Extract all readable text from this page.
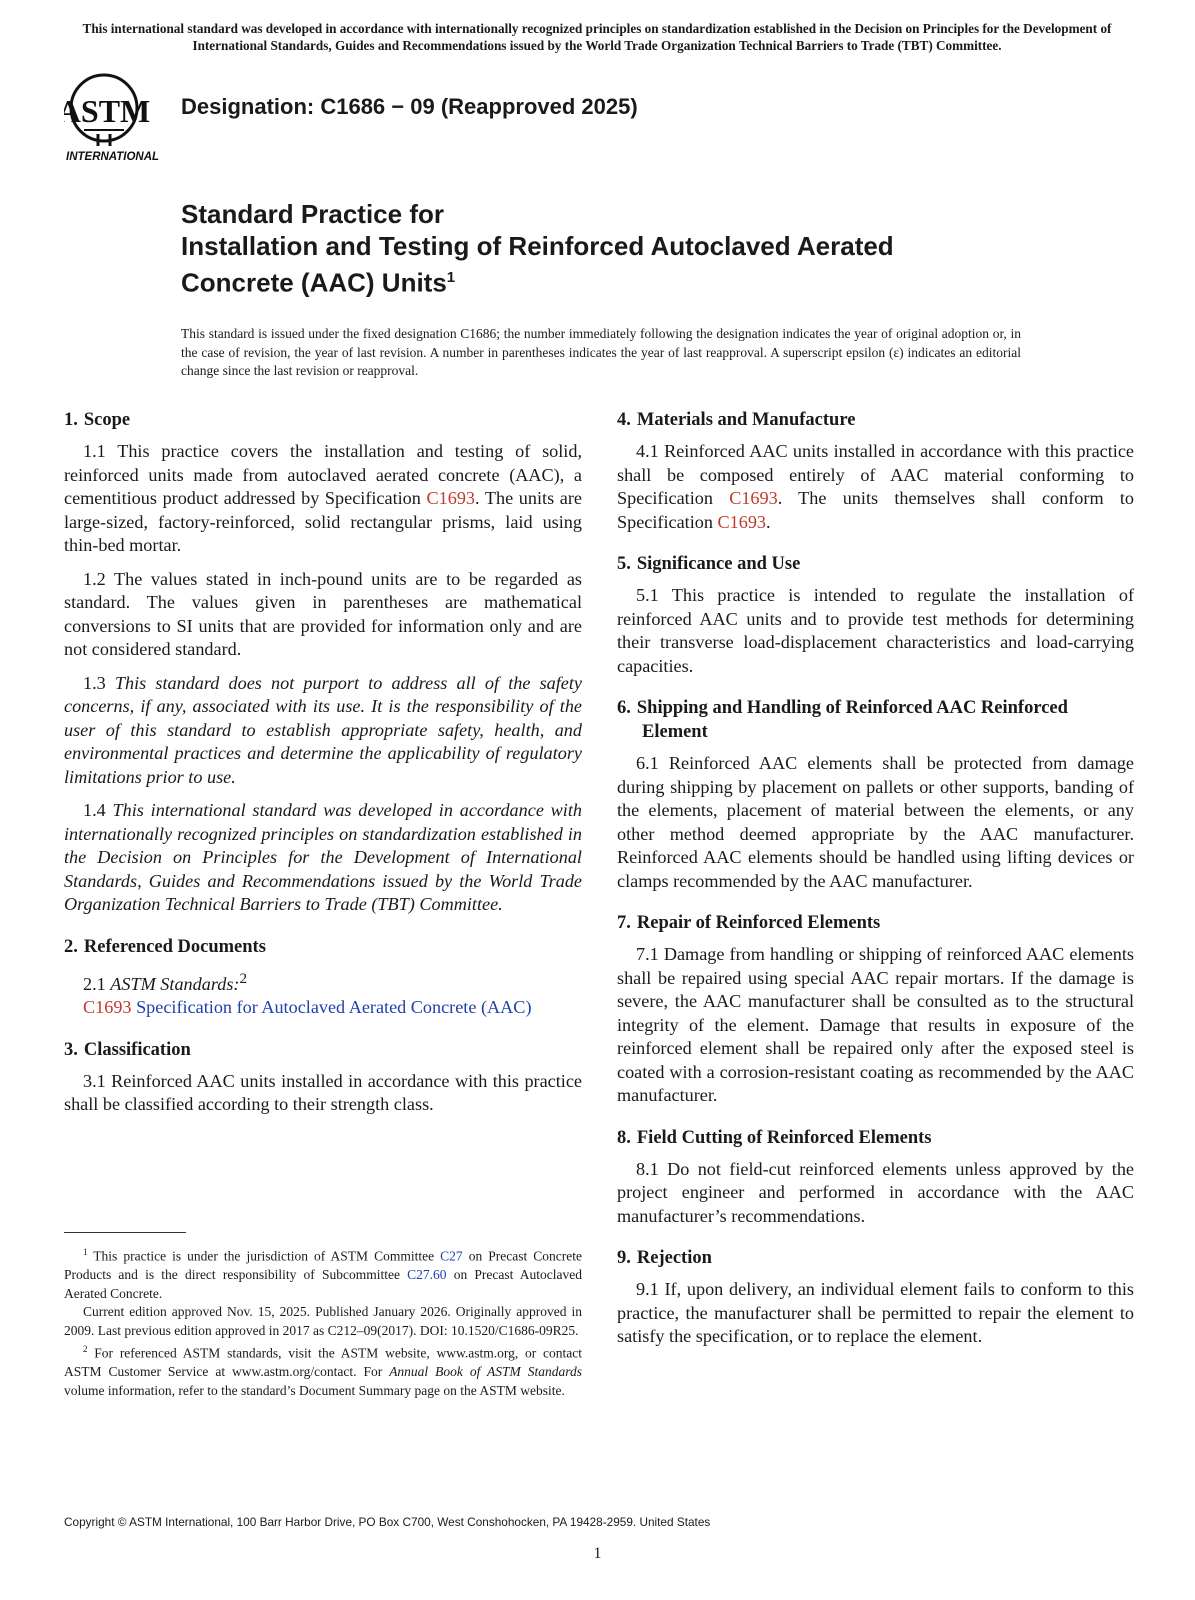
This international standard was developed in accordance with internationally recognized principles on standardization established in the Decision on Principles for the Development of International Standards, Guides and Recommendations issued by the World Trade Organization Technical Barriers to Trade (TBT) Committee.
ASTM
INTERNATIONAL
Designation: C1686 − 09 (Reapproved 2025)
Standard Practice for
Installation and Testing of Reinforced Autoclaved Aerated
Concrete (AAC) Units$^1$
This standard is issued under the fixed designation C1686; the number immediately following the designation indicates the year of original adoption or, in the case of revision, the year of last revision. A number in parentheses indicates the year of last reapproval. A superscript epsilon (ε) indicates an editorial change since the last revision or reapproval.
1. Scope

1.1 This practice covers the installation and testing of solid, reinforced units made from autoclaved aerated concrete (AAC), a cementitious product addressed by Specification C1693. The units are large-sized, factory-reinforced, solid rectangular prisms, laid using thin-bed mortar.

1.2 The values stated in inch-pound units are to be regarded as standard. The values given in parentheses are mathematical conversions to SI units that are provided for information only and are not considered standard.

1.3 This standard does not purport to address all of the safety concerns, if any, associated with its use. It is the responsibility of the user of this standard to establish appropriate safety, health, and environmental practices and determine the applicability of regulatory limitations prior to use.

1.4 This international standard was developed in accordance with internationally recognized principles on standardization established in the Decision on Principles for the Development of International Standards, Guides and Recommendations issued by the World Trade Organization Technical Barriers to Trade (TBT) Committee.

2. Referenced Documents
2.1 ASTM Standards:$^2$
C1693 Specification for Autoclaved Aerated Concrete (AAC)
3. Classification

3.1 Reinforced AAC units installed in accordance with this practice shall be classified according to their strength class.

4. Materials and Manufacture

4.1 Reinforced AAC units installed in accordance with this practice shall be composed entirely of AAC material conforming to Specification C1693. The units themselves shall conform to Specification C1693.

5. Significance and Use

5.1 This practice is intended to regulate the installation of reinforced AAC units and to provide test methods for determining their transverse load-displacement characteristics and load-carrying capacities.

6. Shipping and Handling of Reinforced AAC Reinforced Element

6.1 Reinforced AAC elements shall be protected from damage during shipping by placement on pallets or other supports, banding of the elements, placement of material between the elements, or any other method deemed appropriate by the AAC manufacturer. Reinforced AAC elements should be handled using lifting devices or clamps recommended by the AAC manufacturer.

7. Repair of Reinforced Elements

7.1 Damage from handling or shipping of reinforced AAC elements shall be repaired using special AAC repair mortars. If the damage is severe, the AAC manufacturer shall be consulted as to the structural integrity of the element. Damage that results in exposure of the reinforced element shall be repaired only after the exposed steel is coated with a corrosion-resistant coating as recommended by the AAC manufacturer.

8. Field Cutting of Reinforced Elements

8.1 Do not field-cut reinforced elements unless approved by the project engineer and performed in accordance with the AAC manufacturer’s recommendations.

9. Rejection

9.1 If, upon delivery, an individual element fails to conform to this practice, the manufacturer shall be permitted to repair the element to satisfy the specification, or to replace the element.

$^1$ This practice is under the jurisdiction of ASTM Committee C27 on Precast Concrete Products and is the direct responsibility of Subcommittee C27.60 on Precast Autoclaved Aerated Concrete.

Current edition approved Nov. 15, 2025. Published January 2026. Originally approved in 2009. Last previous edition approved in 2017 as C212–09(2017). DOI: 10.1520/C1686-09R25.

$^2$ For referenced ASTM standards, visit the ASTM website, www.astm.org, or contact ASTM Customer Service at www.astm.org/contact. For Annual Book of ASTM Standards volume information, refer to the standard’s Document Summary page on the ASTM website.

Copyright © ASTM International, 100 Barr Harbor Drive, PO Box C700, West Conshohocken, PA 19428-2959. United States
1
